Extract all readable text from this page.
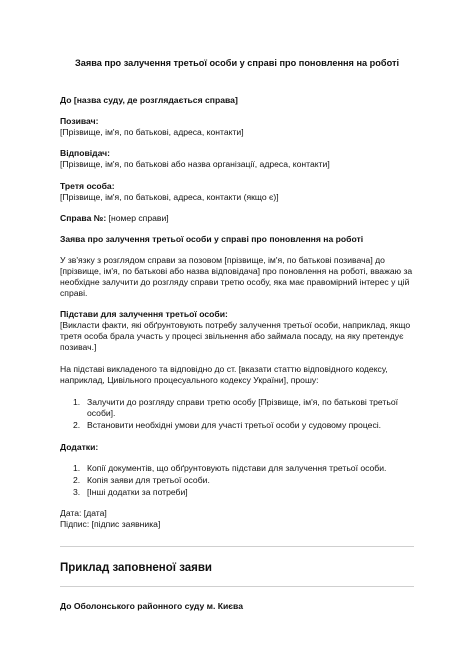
Заява про залучення третьої особи у справі про поновлення на роботі
До [назва суду, де розглядається справа]
Позивач:
[Прізвище, ім'я, по батькові, адреса, контакти]
Відповідач:
[Прізвище, ім'я, по батькові або назва організації, адреса, контакти]
Третя особа:
[Прізвище, ім'я, по батькові, адреса, контакти (якщо є)]
Справа №: [номер справи]
Заява про залучення третьої особи у справі про поновлення на роботі
У зв'язку з розглядом справи за позовом [прізвище, ім'я, по батькові позивача] до
[прізвище, ім'я, по батькові або назва відповідача] про поновлення на роботі, вважаю за
необхідне залучити до розгляду справи третю особу, яка має правомірний інтерес у цій
справі.
Підстави для залучення третьої особи:
[Викласти факти, які обґрунтовують потребу залучення третьої особи, наприклад, якщо
третя особа брала участь у процесі звільнення або займала посаду, на яку претендує
позивач.]
На підставі викладеного та відповідно до ст. [вказати статтю відповідного кодексу,
наприклад, Цивільного процесуального кодексу України], прошу:
1. Залучити до розгляду справи третю особу [Прізвище, ім'я, по батькові третьої
особи].
2. Встановити необхідні умови для участі третьої особи у судовому процесі.
Додатки:
1. Копії документів, що обґрунтовують підстави для залучення третьої особи.
2. Копія заяви для третьої особи.
3. [Інші додатки за потреби]
Дата: [дата]
Підпис: [підпис заявника]
Приклад заповненої заяви
До Оболонського районного суду м. Києва
